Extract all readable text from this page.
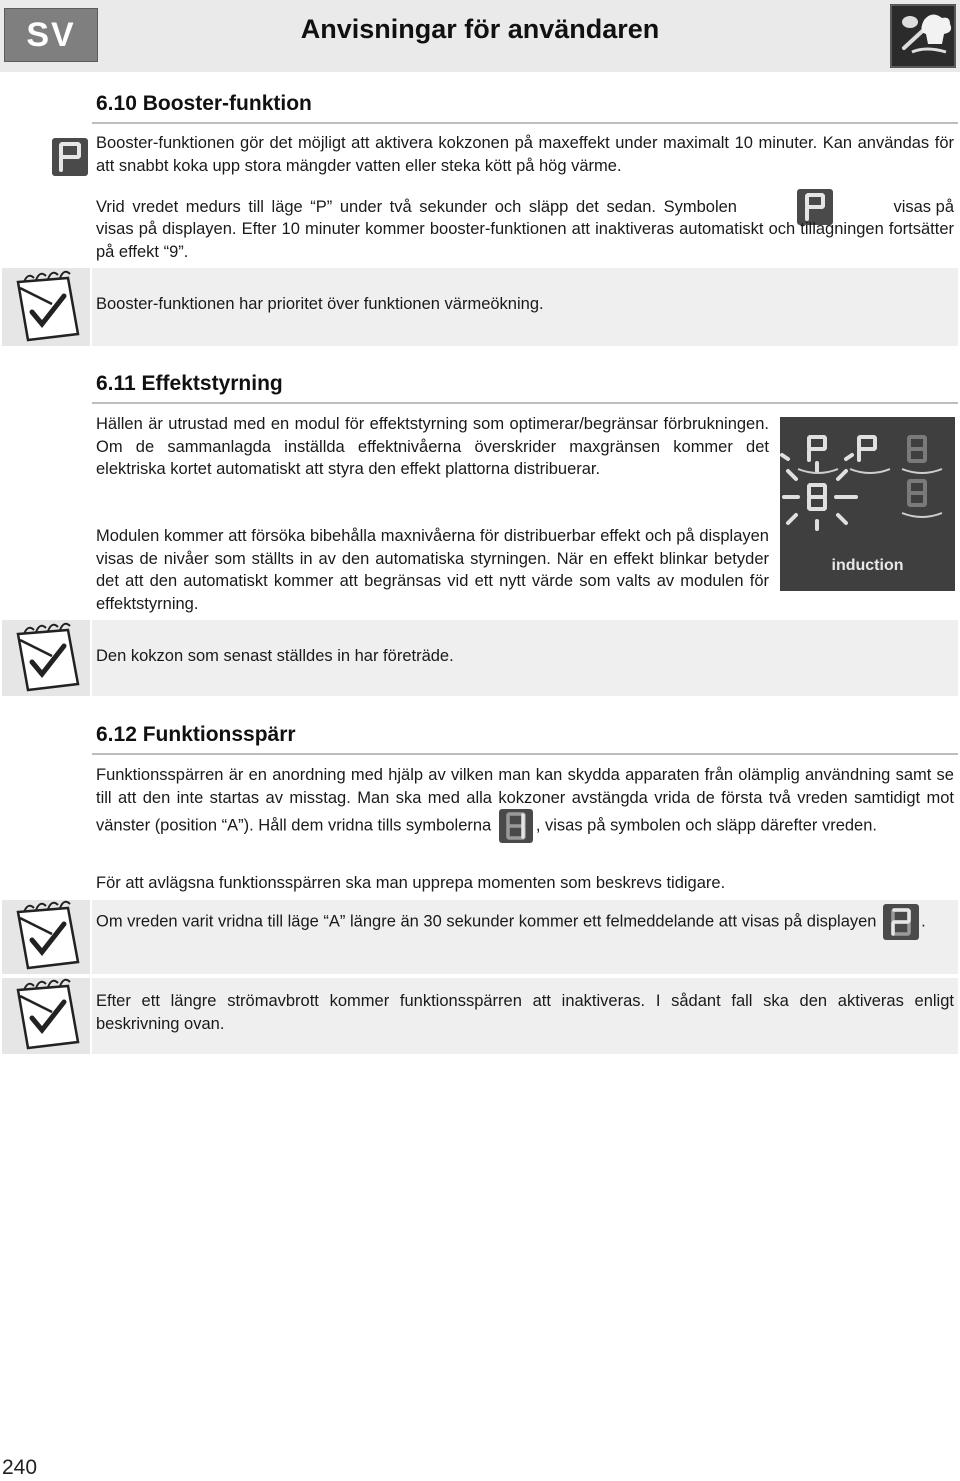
SV	Anvisningar för användaren
6.10 Booster-funktion
Booster-funktionen gör det möjligt att aktivera kokzonen på maxeffekt under maximalt 10 minuter. Kan användas för att snabbt koka upp stora mängder vatten eller steka kött på hög värme.
Vrid vredet medurs till läge “P” under två sekunder och släpp det sedan. Symbolen	visas på
visas på displayen. Efter 10 minuter kommer booster-funktionen att inaktiveras automatiskt och tillagningen fortsätter på effekt “9”.
Booster-funktionen har prioritet över funktionen värmeökning.
6.11 Effektstyrning
Hällen är utrustad med en modul för effektstyrning som optimerar/begränsar förbrukningen. Om de sammanlagda inställda effektnivåerna överskrider maxgränsen kommer det elektriska kortet automatiskt att styra den effekt plattorna distribuerar.
Modulen kommer att försöka bibehålla maxnivåerna för distribuerbar effekt och på displayen visas de nivåer som ställts in av den automatiska styrningen. När en effekt blinkar betyder det att den automatiskt kommer att begränsas vid ett nytt värde som valts av modulen för effektstyrning.
induction
Den kokzon som senast ställdes in har företräde.
6.12 Funktionsspärr
Funktionsspärren är en anordning med hjälp av vilken man kan skydda apparaten från olämplig användning samt se till att den inte startas av misstag. Man ska med alla kokzoner avstängda vrida de första två vreden samtidigt mot vänster (position “A”). Håll dem vridna tills symbolerna	, visas på symbolen och släpp därefter vreden.
För att avlägsna funktionsspärren ska man upprepa momenten som beskrevs tidigare.
Om vreden varit vridna till läge “A” längre än 30 sekunder kommer ett felmeddelande att visas på displayen	.
Efter ett längre strömavbrott kommer funktionsspärren att inaktiveras. I sådant fall ska den aktiveras enligt beskrivning ovan.
240
